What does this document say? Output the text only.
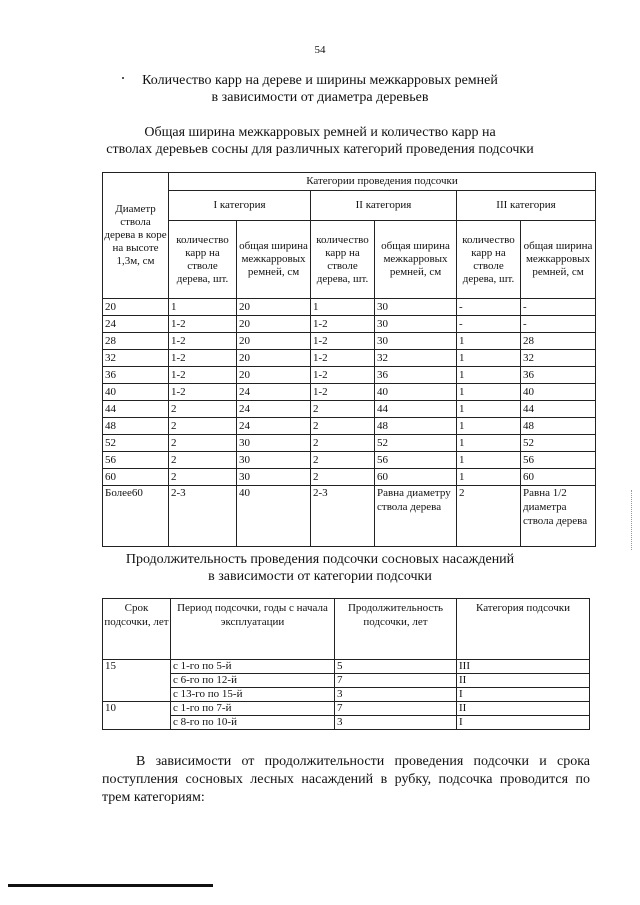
54
Количество карр на дереве и ширины межкарровых ремней
в зависимости от диаметра деревьев
Общая ширина межкарровых ремней и количество карр на
стволах деревьев сосны для различных категорий проведения подсочки
Диаметр ствола дерева в коре на высоте 1,3м, см	Категории проведения подсочки					
	I категория		II категория		III категория	
	количество карр на стволе дерева, шт.	общая ширина межкарровых ремней, см	количество карр на стволе дерева, шт.	общая ширина межкарровых ремней, см	количество карр на стволе дерева, шт.	общая ширина межкарровых ремней, см
20	1	20	1	30	-	-
24	1-2	20	1-2	30	-	-
28	1-2	20	1-2	30	1	28
32	1-2	20	1-2	32	1	32
36	1-2	20	1-2	36	1	36
40	1-2	24	1-2	40	1	40
44	2	24	2	44	1	44
48	2	24	2	48	1	48
52	2	30	2	52	1	52
56	2	30	2	56	1	56
60	2	30	2	60	1	60
Более60	2-3	40	2-3	Равна диаметру ствола дерева	2	Равна 1/2 диаметра ствола дерева
Продолжительность проведения подсочки сосновых насаждений
в зависимости от категории подсочки
Срок подсочки, лет	Период подсочки, годы с начала эксплуатации	Продолжительность подсочки, лет	Категория подсочки
15	с 1-го по 5-й	5	III
	с 6-го по 12-й	7	II
	с 13-го по 15-й	3	I
10	с 1-го по 7-й	7	II
	с 8-го по 10-й	3	I
В зависимости от продолжительности проведения подсочки и срока поступления сосновых лесных насаждений в рубку, подсочка проводится по трем категориям:
